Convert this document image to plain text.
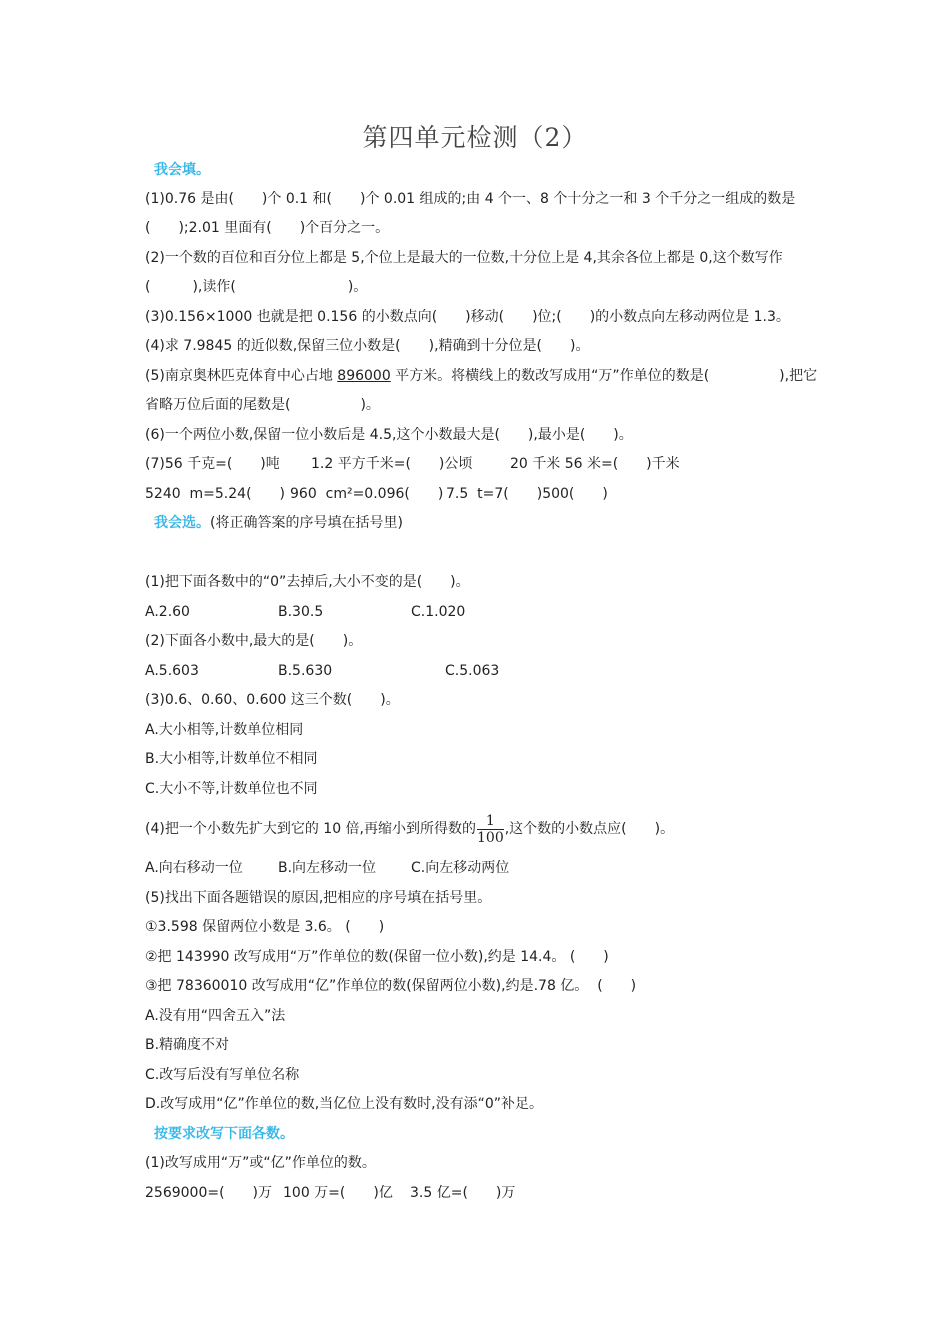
第四单元检测（2）
我会填。
(1)0.76 是由(　　)个 0.1 和(　　)个 0.01 组成的;由 4 个一、8 个十分之一和 3 个千分之一组成的数是
(　　);2.01 里面有(　　)个百分之一。
(2)一个数的百位和百分位上都是 5,个位上是最大的一位数,十分位上是 4,其余各位上都是 0,这个数写作
(　　　),读作(　　　　　　　　)。
(3)0.156×1000 也就是把 0.156 的小数点向(　　)移动(　　)位;(　　)的小数点向左移动两位是 1.3。
(4)求 7.9845 的近似数,保留三位小数是(　　),精确到十分位是(　　)。
(5)南京奥林匹克体育中心占地 896000 平方米。将横线上的数改写成用“万”作单位的数是(　　　　　),把它
省略万位后面的尾数是(　　　　　)。
(6)一个两位小数,保留一位小数后是 4.5,这个小数最大是(　　),最小是(　　)。
(7)56 千克=(　　)吨 1.2 平方千米=(　　)公顷	20 千米 56 米=(　　)千米
5240  m=5.24(　　) 960  cm²=0.096(　　) 7.5  t=7(　　)500(　　)
我会选。(将正确答案的序号填在括号里)
(1)把下面各数中的“0”去掉后,大小不变的是(　　)。
A.2.60	B.30.5	C.1.020
(2)下面各小数中,最大的是(　　)。
A.5.603	B.5.630	C.5.063
(3)0.6、0.60、0.600 这三个数(　　)。
A.大小相等,计数单位相同
B.大小相等,计数单位不相同
C.大小不等,计数单位也不同
(4)把一个小数先扩大到它的 10 倍,再缩小到所得数的 $\frac{1}{100}$ ,这个数的小数点应(　　)。
A.向右移动一位	B.向左移动一位 C.向左移动两位
(5)找出下面各题错误的原因,把相应的序号填在括号里。
①3.598 保留两位小数是 3.6。 (　　)
②把 143990 改写成用“万”作单位的数(保留一位小数),约是 14.4。 (　　)
③把 78360010 改写成用“亿”作单位的数(保留两位小数),约是.78 亿。  (　　)
A.没有用“四舍五入”法
B.精确度不对
C.改写后没有写单位名称
D.改写成用“亿”作单位的数,当亿位上没有数时,没有添“0”补足。
按要求改写下面各数。
(1)改写成用“万”或“亿”作单位的数。
2569000=(　　)万 100 万=(　　)亿 3.5 亿=(　　)万
